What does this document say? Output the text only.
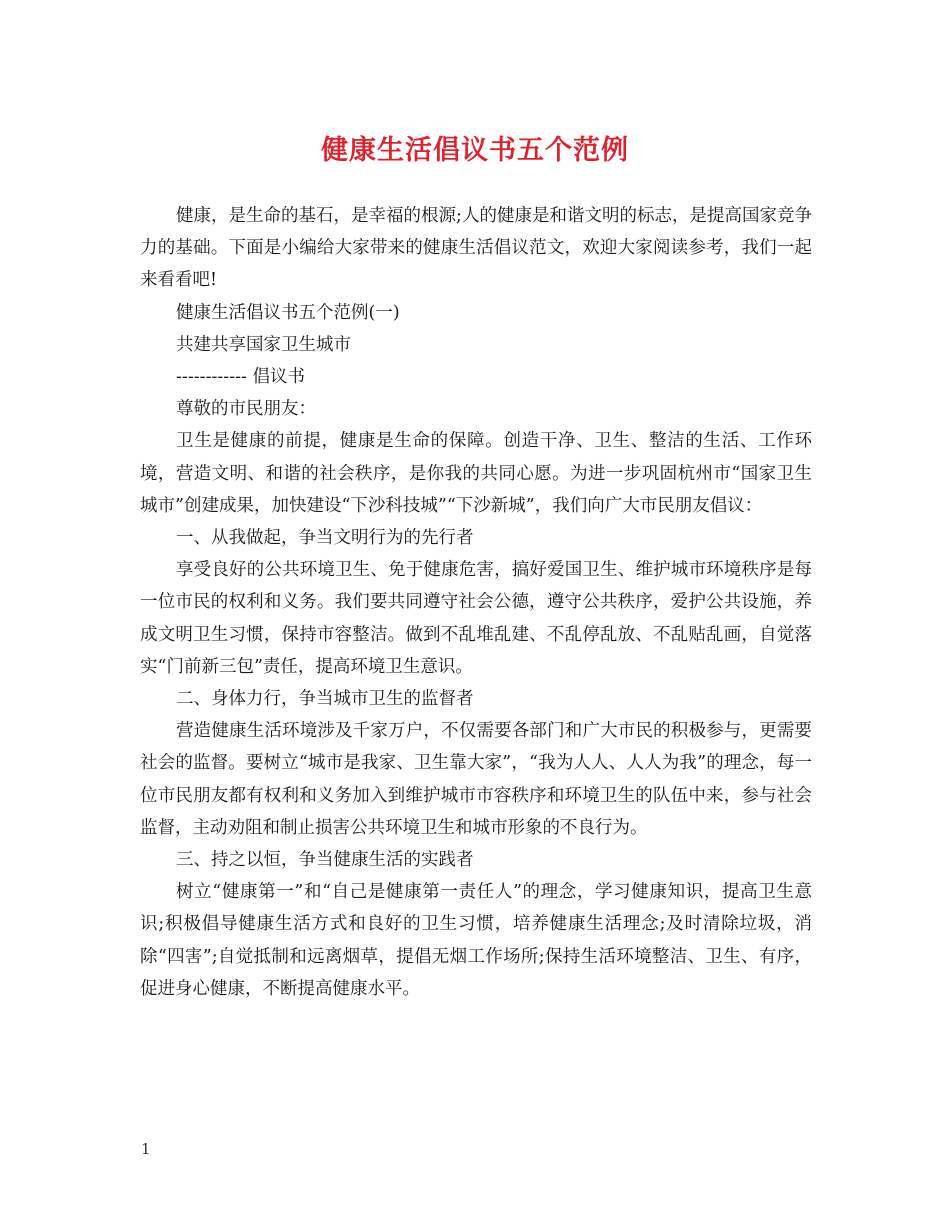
健康生活倡议书五个范例

健康，是生命的基石，是幸福的根源;人的健康是和谐文明的标志，是提高国家竞争力的基础。下面是小编给大家带来的健康生活倡议范文，欢迎大家阅读参考，我们一起来看看吧!

健康生活倡议书五个范例(一)

共建共享国家卫生城市

------------ 倡议书

尊敬的市民朋友：

卫生是健康的前提，健康是生命的保障。创造干净、卫生、整洁的生活、工作环境，营造文明、和谐的社会秩序，是你我的共同心愿。为进一步巩固杭州市“国家卫生城市”创建成果，加快建设“下沙科技城”“下沙新城”，我们向广大市民朋友倡议：

一、从我做起，争当文明行为的先行者

享受良好的公共环境卫生、免于健康危害，搞好爱国卫生、维护城市环境秩序是每一位市民的权利和义务。我们要共同遵守社会公德，遵守公共秩序，爱护公共设施，养成文明卫生习惯，保持市容整洁。做到不乱堆乱建、不乱停乱放、不乱贴乱画，自觉落实“门前新三包”责任，提高环境卫生意识。

二、身体力行，争当城市卫生的监督者

营造健康生活环境涉及千家万户，不仅需要各部门和广大市民的积极参与，更需要社会的监督。要树立“城市是我家、卫生靠大家”，“我为人人、人人为我”的理念，每一位市民朋友都有权利和义务加入到维护城市市容秩序和环境卫生的队伍中来，参与社会监督，主动劝阻和制止损害公共环境卫生和城市形象的不良行为。

三、持之以恒，争当健康生活的实践者

树立“健康第一”和“自己是健康第一责任人”的理念，学习健康知识，提高卫生意识;积极倡导健康生活方式和良好的卫生习惯，培养健康生活理念;及时清除垃圾，消除“四害”;自觉抵制和远离烟草，提倡无烟工作场所;保持生活环境整洁、卫生、有序，促进身心健康，不断提高健康水平。

1
